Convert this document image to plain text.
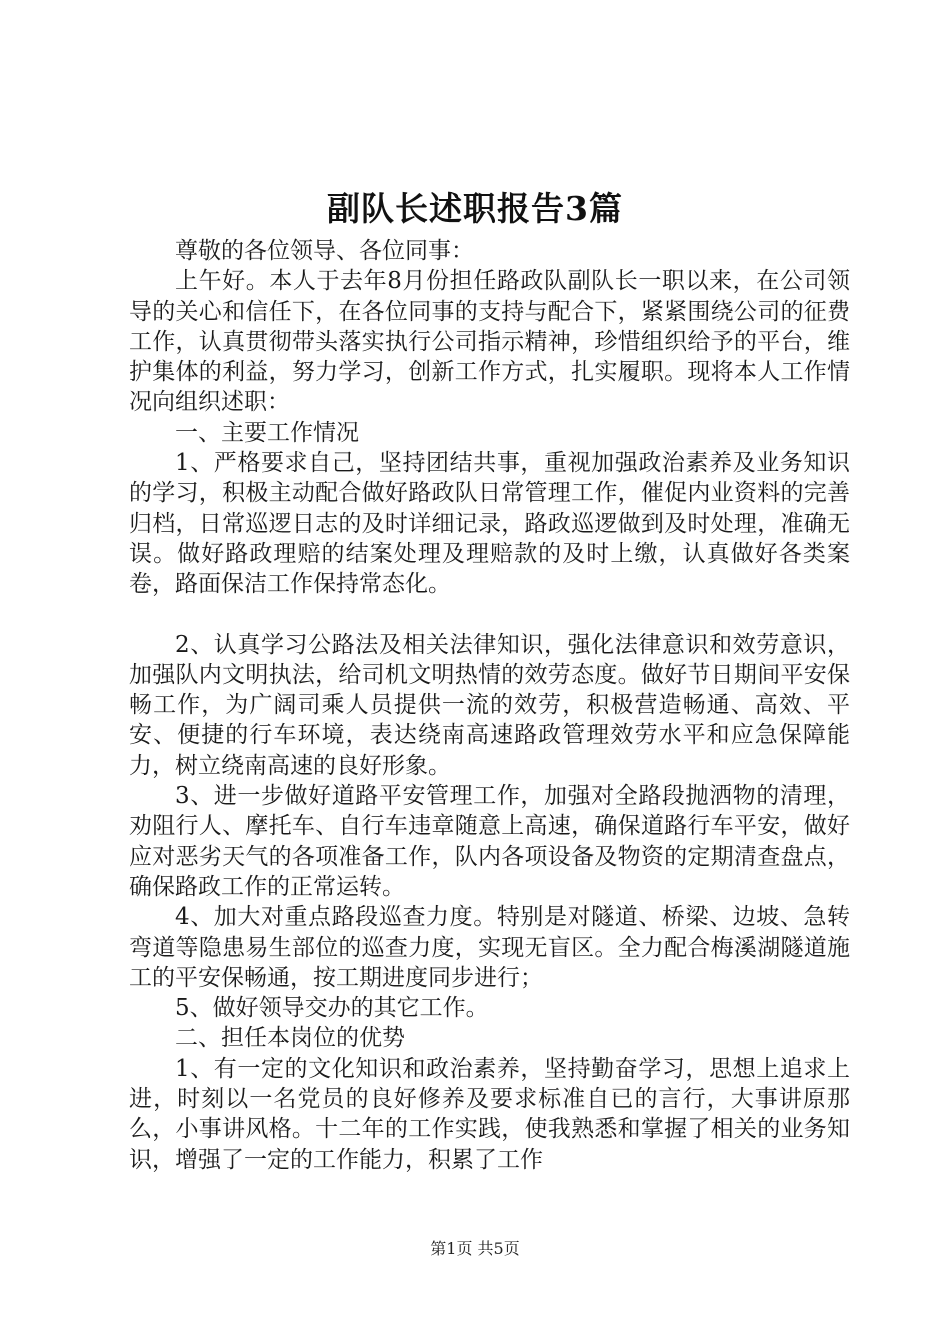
副队长述职报告3篇

尊敬的各位领导、各位同事：

上午好。本人于去年8月份担任路政队副队长一职以来，在公司领导的关心和信任下，在各位同事的支持与配合下，紧紧围绕公司的征费工作，认真贯彻带头落实执行公司指示精神，珍惜组织给予的平台，维护集体的利益，努力学习，创新工作方式，扎实履职。现将本人工作情况向组织述职：

一、主要工作情况

1、严格要求自己，坚持团结共事，重视加强政治素养及业务知识的学习，积极主动配合做好路政队日常管理工作，催促内业资料的完善归档，日常巡逻日志的及时详细记录，路政巡逻做到及时处理，准确无误。做好路政理赔的结案处理及理赔款的及时上缴，认真做好各类案卷，路面保洁工作保持常态化。

2、认真学习公路法及相关法律知识，强化法律意识和效劳意识，加强队内文明执法，给司机文明热情的效劳态度。做好节日期间平安保畅工作，为广阔司乘人员提供一流的效劳，积极营造畅通、高效、平安、便捷的行车环境，表达绕南高速路政管理效劳水平和应急保障能力，树立绕南高速的良好形象。

3、进一步做好道路平安管理工作，加强对全路段抛洒物的清理，劝阻行人、摩托车、自行车违章随意上高速，确保道路行车平安，做好应对恶劣天气的各项准备工作，队内各项设备及物资的定期清查盘点，确保路政工作的正常运转。

4、加大对重点路段巡查力度。特别是对隧道、桥梁、边坡、急转弯道等隐患易生部位的巡查力度，实现无盲区。全力配合梅溪湖隧道施工的平安保畅通，按工期进度同步进行；

5、做好领导交办的其它工作。

二、担任本岗位的优势

1、有一定的文化知识和政治素养，坚持勤奋学习，思想上追求上进，时刻以一名党员的良好修养及要求标准自已的言行，大事讲原那么，小事讲风格。十二年的工作实践，使我熟悉和掌握了相关的业务知识，增强了一定的工作能力，积累了工作

第1页 共5页
